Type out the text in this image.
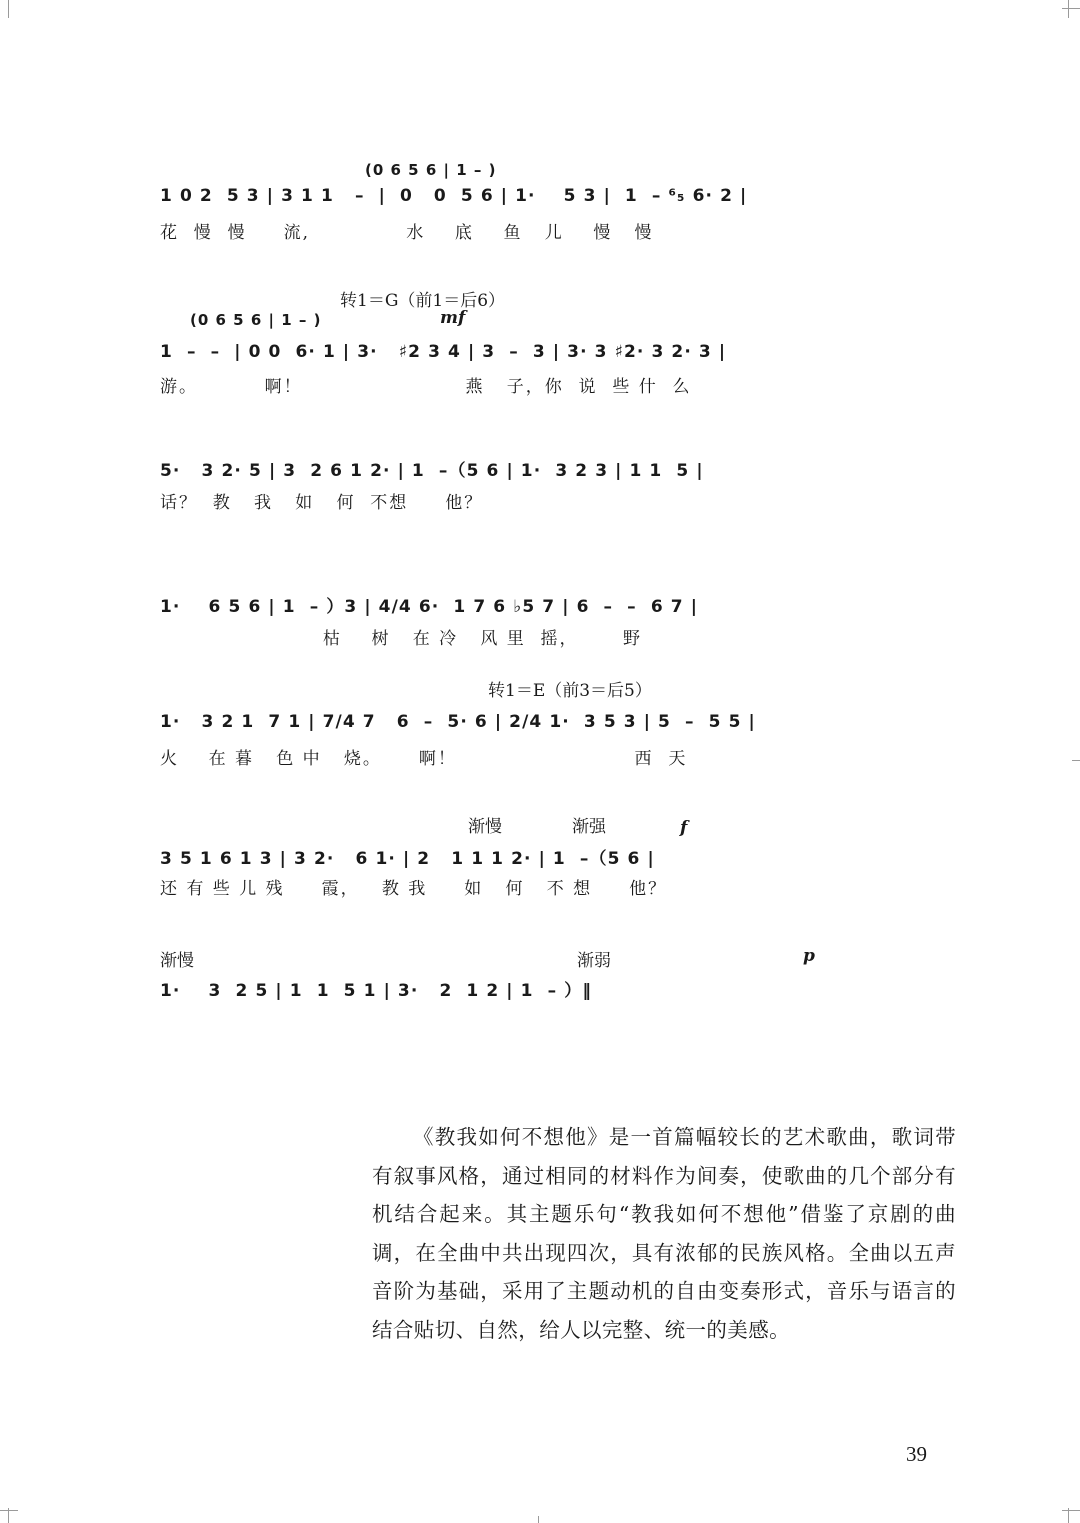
(0 6 5 6 | 1 – )
1 0 2  5 3 | 3 1 1   –  |  0   0  5 6 | 1·    5 3 |  1  – ⁶₅ 6· 2 |
花  慢  慢     流,             水    底    鱼   儿    慢   慢
转1＝G（前1＝后6）
(0 6 5 6 | 1 – )	mf
1  –  –  | 0 0  6· 1 | 3·   ♯2 3 4 | 3  –  3 | 3· 3 ♯2· 3 2· 3 |
游。         啊！                      燕   子，你  说  些 什  么
5·   3 2· 5 | 3  2 6 1 2· | 1  –（5 6 | 1·  3 2 3 | 1 1  5 |
话？  教   我   如   何  不想     他？
1·    6 5 6 | 1  – ）3 | 4/4 6·  1 7 6 ♭5 7 | 6  –  –  6 7 |
枯    树   在 冷   风 里  摇，      野
转1＝E（前3＝后5）
1·   3 2 1  7 1 | 7/4 7   6  –  5· 6 | 2/4 1·  3 5 3 | 5  –  5 5 |
火    在 暮   色 中   烧。     啊！                        西  天
渐慢	渐强	f
3 5 1 6 1 3 | 3 2·   6 1· | 2   1 1 1 2· | 1  –（5 6 |
还 有 些 儿 残     霞，   教 我     如   何   不 想     他？
渐慢	渐弱	p
1·    3  2 5 | 1  1  5 1 | 3·   2  1 2 | 1  – ）‖

《教我如何不想他》是一首篇幅较长的艺术歌曲，歌词带有叙事风格，通过相同的材料作为间奏，使歌曲的几个部分有机结合起来。其主题乐句“教我如何不想他”借鉴了京剧的曲调，在全曲中共出现四次，具有浓郁的民族风格。全曲以五声音阶为基础，采用了主题动机的自由变奏形式，音乐与语言的结合贴切、自然，给人以完整、统一的美感。

39
